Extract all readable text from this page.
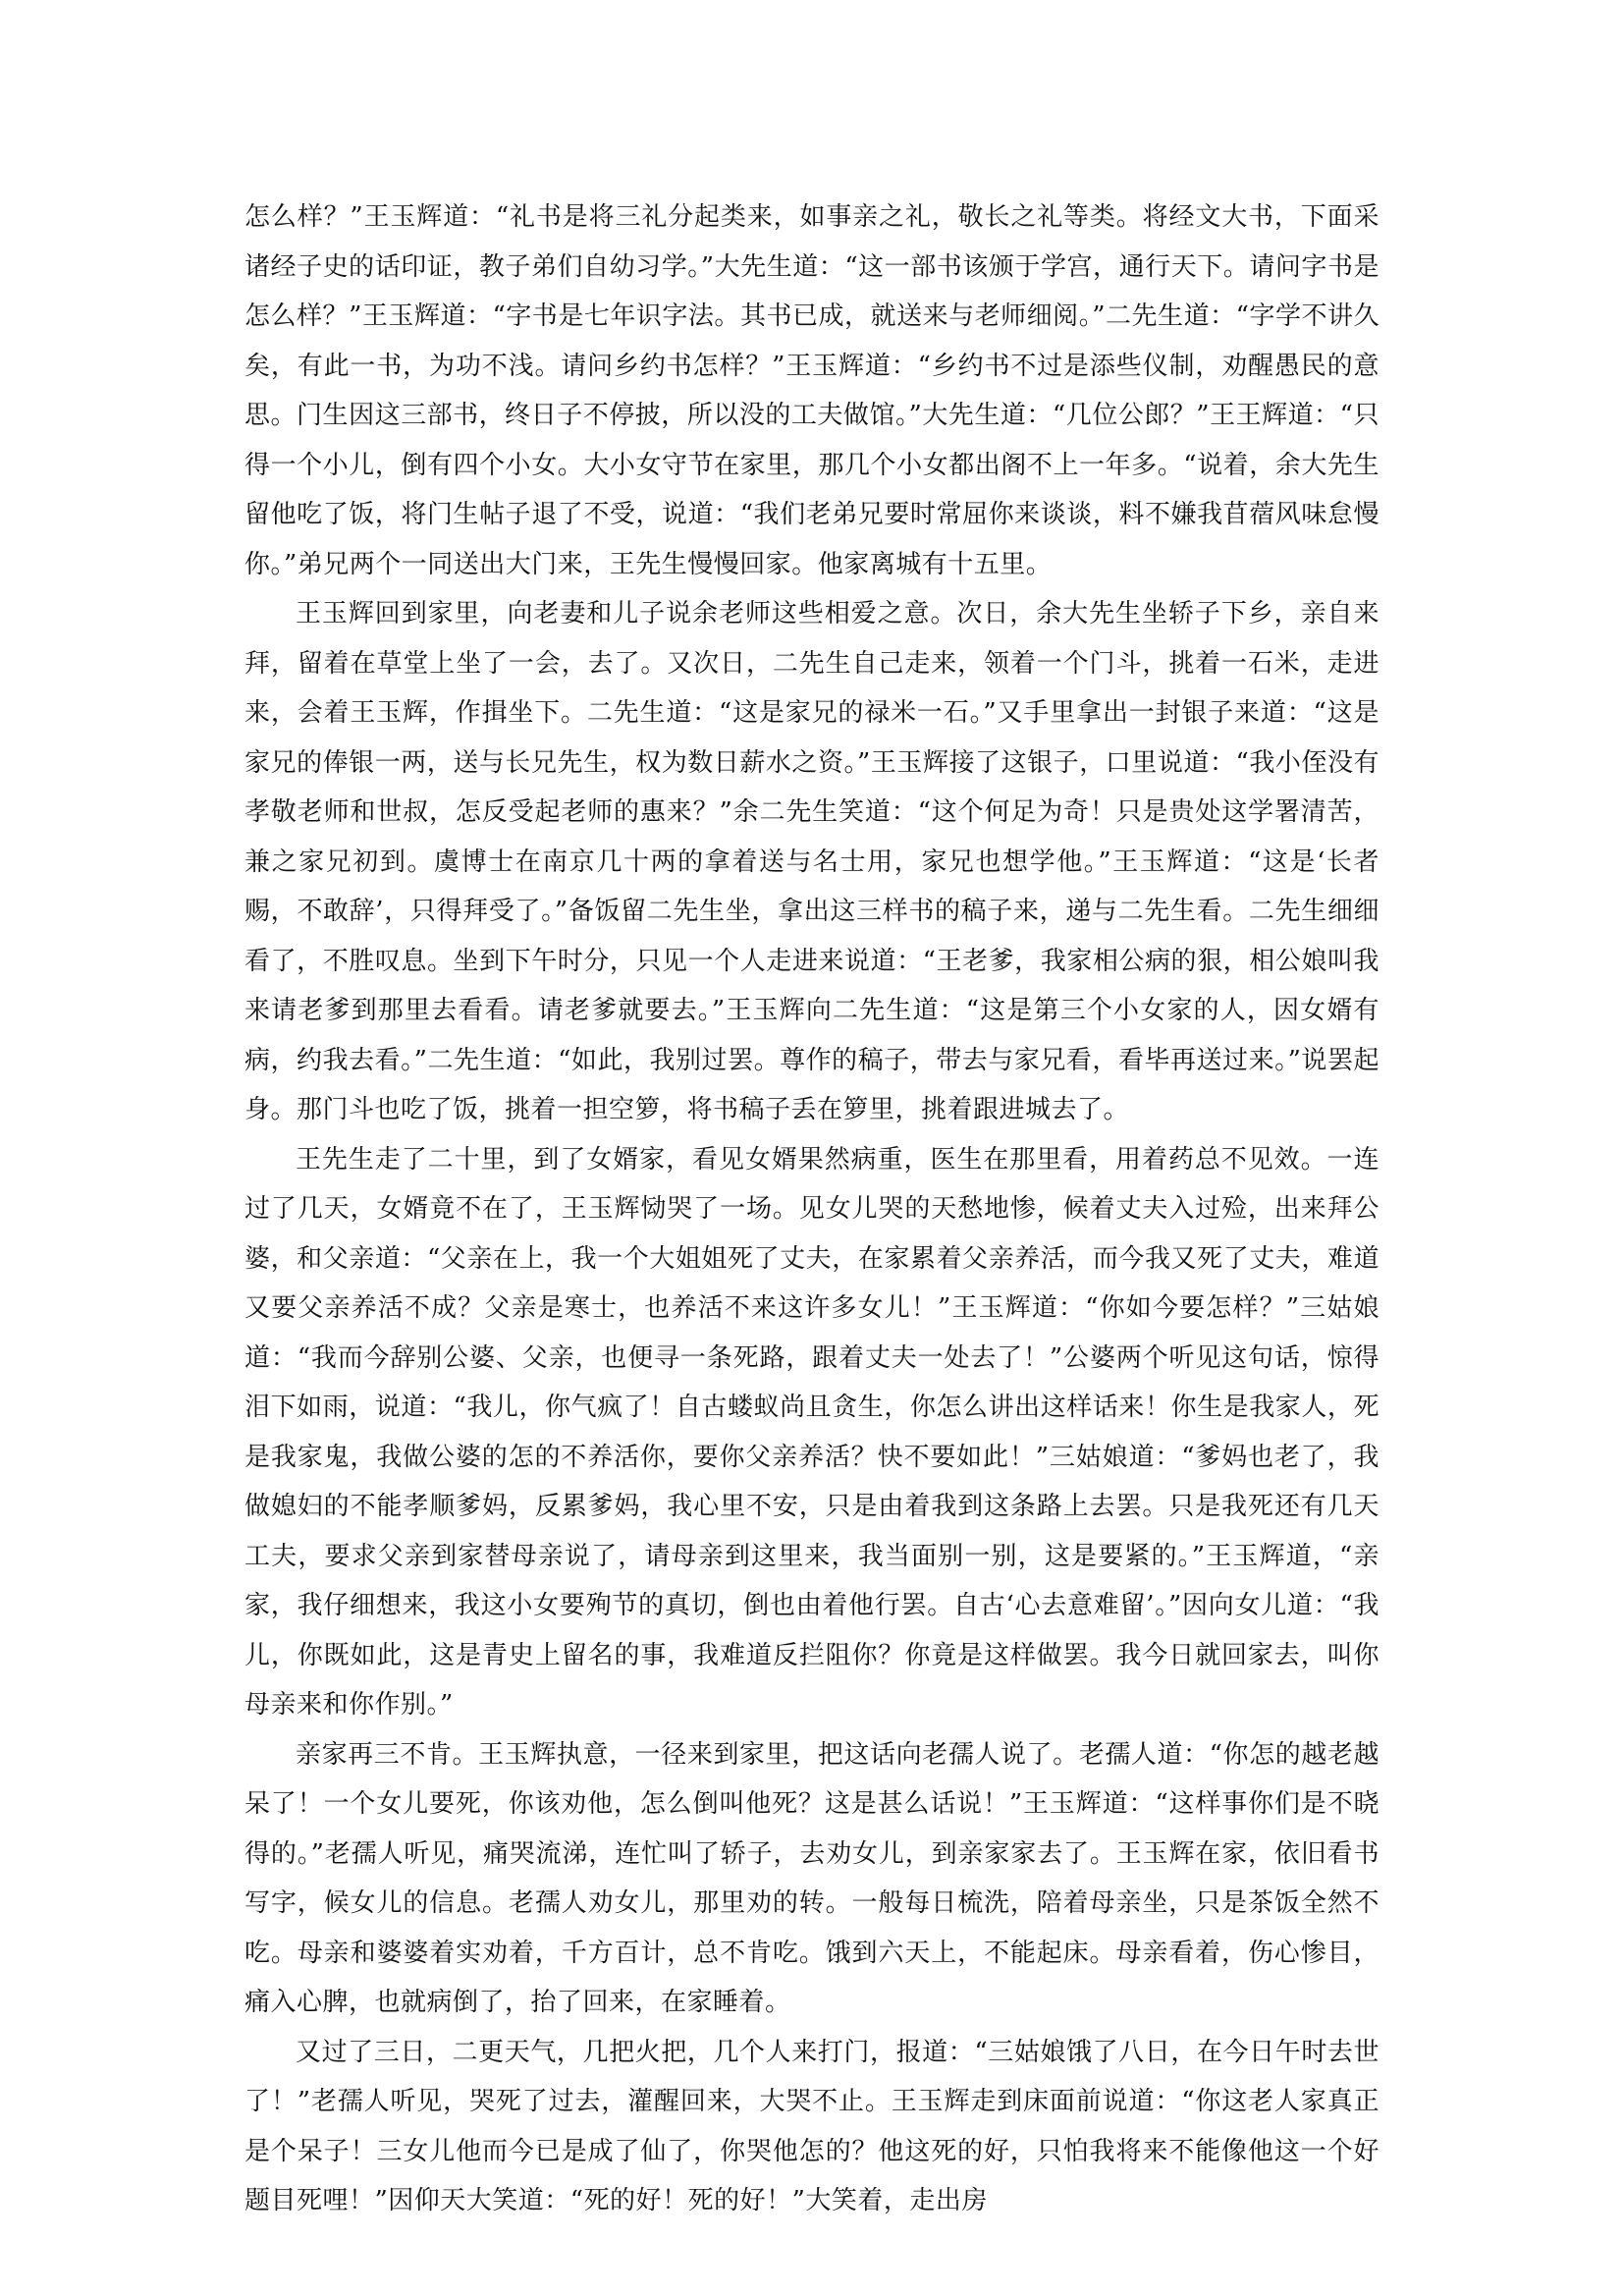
怎么样？”王玉辉道：“礼书是将三礼分起类来，如事亲之礼，敬长之礼等类。将经文大书，下面采诸经子史的话印证，教子弟们自幼习学。”大先生道：“这一部书该颁于学宫，通行天下。请问字书是怎么样？”王玉辉道：“字书是七年识字法。其书已成，就送来与老师细阅。”二先生道：“字学不讲久矣，有此一书，为功不浅。请问乡约书怎样？”王玉辉道：“乡约书不过是添些仪制，劝醒愚民的意思。门生因这三部书，终日子不停披，所以没的工夫做馆。”大先生道：“几位公郎？”王王辉道：“只得一个小儿，倒有四个小女。大小女守节在家里，那几个小女都出阁不上一年多。“说着，余大先生留他吃了饭，将门生帖子退了不受，说道：“我们老弟兄要时常屈你来谈谈，料不嫌我苜蓿风味怠慢你。”弟兄两个一同送出大门来，王先生慢慢回家。他家离城有十五里。

王玉辉回到家里，向老妻和儿子说余老师这些相爱之意。次日，余大先生坐轿子下乡，亲自来拜，留着在草堂上坐了一会，去了。又次日，二先生自己走来，领着一个门斗，挑着一石米，走进来，会着王玉辉，作揖坐下。二先生道：“这是家兄的禄米一石。”又手里拿出一封银子来道：“这是家兄的俸银一两，送与长兄先生，权为数日薪水之资。”王玉辉接了这银子，口里说道：“我小侄没有孝敬老师和世叔，怎反受起老师的惠来？”余二先生笑道：“这个何足为奇！只是贵处这学署清苦，兼之家兄初到。虞博士在南京几十两的拿着送与名士用，家兄也想学他。”王玉辉道：“这是‘长者赐，不敢辞’，只得拜受了。”备饭留二先生坐，拿出这三样书的稿子来，递与二先生看。二先生细细看了，不胜叹息。坐到下午时分，只见一个人走进来说道：“王老爹，我家相公病的狠，相公娘叫我来请老爹到那里去看看。请老爹就要去。”王玉辉向二先生道：“这是第三个小女家的人，因女婿有病，约我去看。”二先生道：“如此，我别过罢。尊作的稿子，带去与家兄看，看毕再送过来。”说罢起身。那门斗也吃了饭，挑着一担空箩，将书稿子丢在箩里，挑着跟进城去了。

王先生走了二十里，到了女婿家，看见女婿果然病重，医生在那里看，用着药总不见效。一连过了几天，女婿竟不在了，王玉辉恸哭了一场。见女儿哭的天愁地惨，候着丈夫入过殓，出来拜公婆，和父亲道：“父亲在上，我一个大姐姐死了丈夫，在家累着父亲养活，而今我又死了丈夫，难道又要父亲养活不成？父亲是寒士，也养活不来这许多女儿！”王玉辉道：“你如今要怎样？”三姑娘道：“我而今辞别公婆、父亲，也便寻一条死路，跟着丈夫一处去了！”公婆两个听见这句话，惊得泪下如雨，说道：“我儿，你气疯了！自古蝼蚁尚且贪生，你怎么讲出这样话来！你生是我家人，死是我家鬼，我做公婆的怎的不养活你，要你父亲养活？快不要如此！”三姑娘道：“爹妈也老了，我做媳妇的不能孝顺爹妈，反累爹妈，我心里不安，只是由着我到这条路上去罢。只是我死还有几天工夫，要求父亲到家替母亲说了，请母亲到这里来，我当面别一别，这是要紧的。”王玉辉道，“亲家，我仔细想来，我这小女要殉节的真切，倒也由着他行罢。自古‘心去意难留’。”因向女儿道：“我儿，你既如此，这是青史上留名的事，我难道反拦阻你？你竟是这样做罢。我今日就回家去，叫你母亲来和你作别。”

亲家再三不肯。王玉辉执意，一径来到家里，把这话向老孺人说了。老孺人道：“你怎的越老越呆了！一个女儿要死，你该劝他，怎么倒叫他死？这是甚么话说！”王玉辉道：“这样事你们是不晓得的。”老孺人听见，痛哭流涕，连忙叫了轿子，去劝女儿，到亲家家去了。王玉辉在家，依旧看书写字，候女儿的信息。老孺人劝女儿，那里劝的转。一般每日梳洗，陪着母亲坐，只是茶饭全然不吃。母亲和婆婆着实劝着，千方百计，总不肯吃。饿到六天上，不能起床。母亲看着，伤心惨目，痛入心脾，也就病倒了，抬了回来，在家睡着。

又过了三日，二更天气，几把火把，几个人来打门，报道：“三姑娘饿了八日，在今日午时去世了！”老孺人听见，哭死了过去，灌醒回来，大哭不止。王玉辉走到床面前说道：“你这老人家真正是个呆子！三女儿他而今已是成了仙了，你哭他怎的？他这死的好，只怕我将来不能像他这一个好题目死哩！”因仰天大笑道：“死的好！死的好！”大笑着，走出房
